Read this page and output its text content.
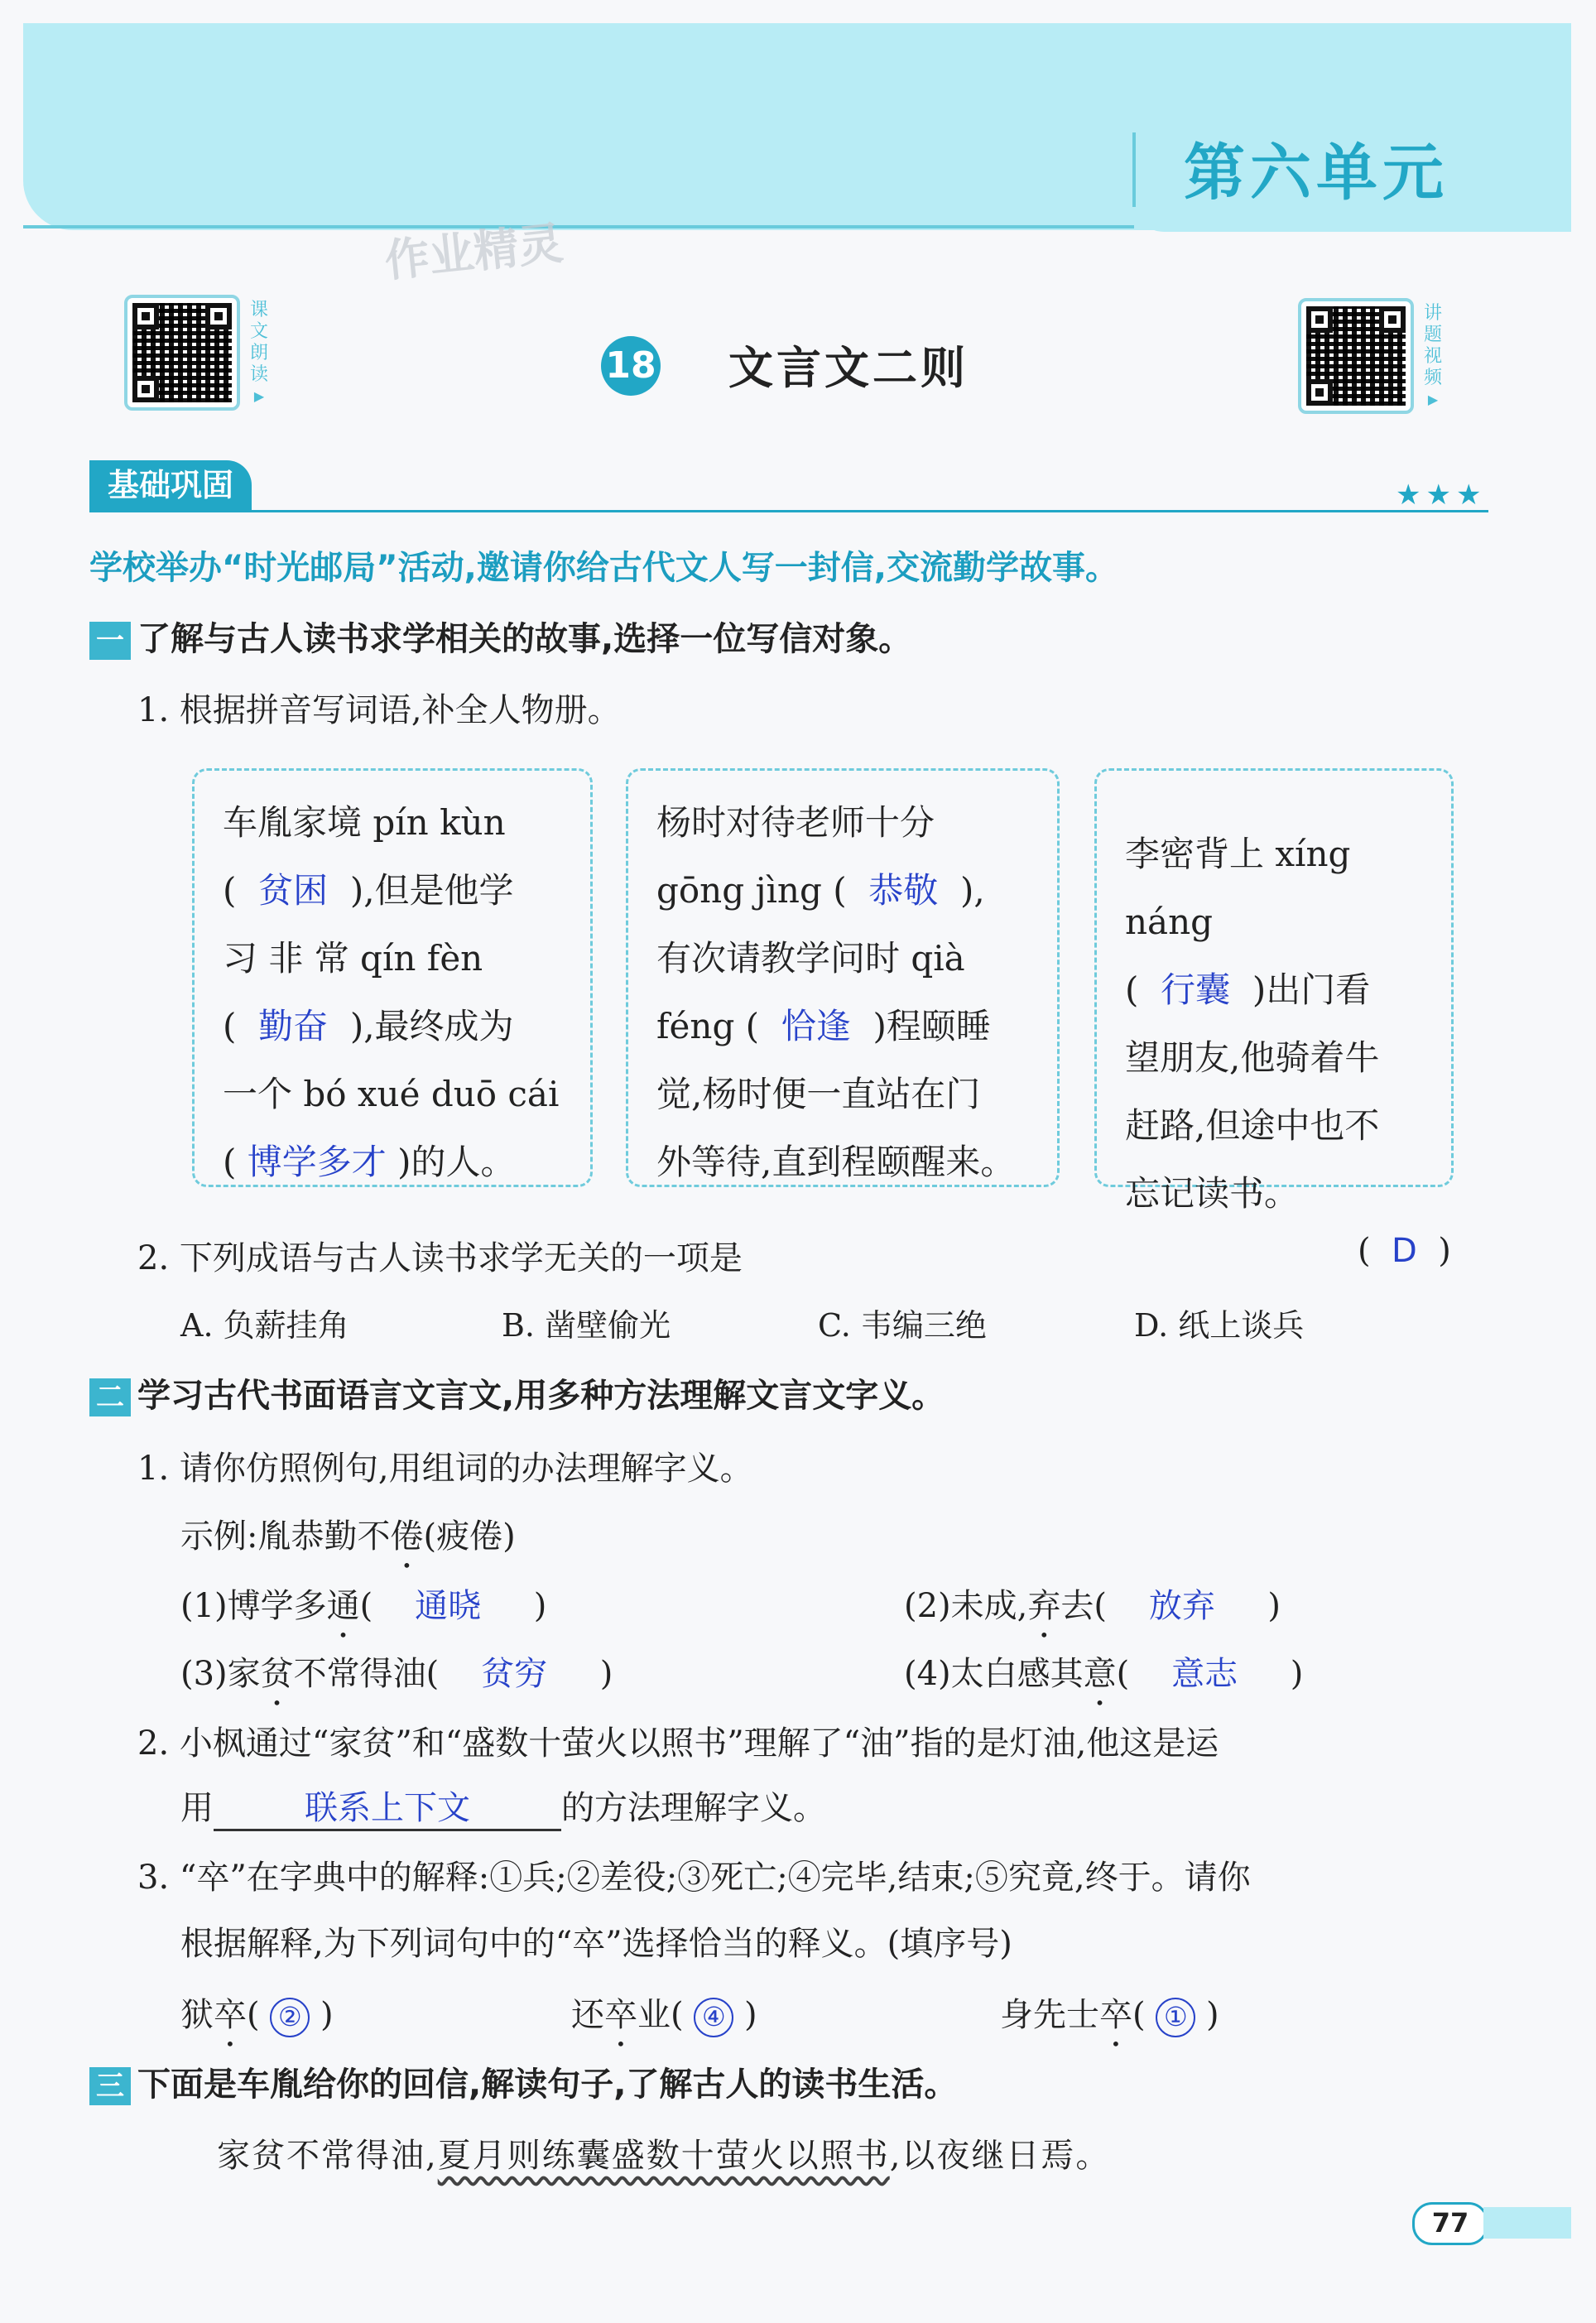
第六单元
作业精灵
课
文
朗
读
▶
讲
题
视
频
▶
18 文言文二则
基础巩固	★★★
学校举办“时光邮局”活动,邀请你给古代文人写一封信,交流勤学故事。
一 了解与古人读书求学相关的故事,选择一位写信对象。
1. 根据拼音写词语,补全人物册。
车胤家境 pín kùn
( 贫困 ),但是他学
习 非 常 qín fèn
( 勤奋 ),最终成为
一个 bó xué duō cái
( 博学多才 )的人。
杨时对待老师十分
gōng jìng ( 恭敬 ),
有次请教学问时 qià
féng ( 恰逢 )程颐睡
觉,杨时便一直站在门
外等待,直到程颐醒来。
李密背上 xíng náng
( 行囊 )出门看
望朋友,他骑着牛
赶路,但途中也不
忘记读书。
2. 下列成语与古人读书求学无关的一项是	( D )
A. 负薪挂角	B. 凿壁偷光	C. 韦编三绝	D. 纸上谈兵
二 学习古代书面语言文言文,用多种方法理解文言文字义。
1. 请你仿照例句,用组词的办法理解字义。
示例:胤恭勤不倦(疲倦)
(1)博学多通( 通晓 )	(2)未成,弃去( 放弃 )
(3)家贫不常得油( 贫穷 )	(4)太白感其意( 意志 )
2. 小枫通过“家贫”和“盛数十萤火以照书”理解了“油”指的是灯油,他这是运
用	联系上下文	的方法理解字义。
3. “卒”在字典中的解释:①兵;②差役;③死亡;④完毕,结束;⑤究竟,终于。请你
根据解释,为下列词句中的“卒”选择恰当的释义。(填序号)
狱卒( ② )	还卒业( ④ )	身先士卒( ① )
三 下面是车胤给你的回信,解读句子,了解古人的读书生活。
家贫不常得油,夏月则练囊盛数十萤火以照书,以夜继日焉。
77
